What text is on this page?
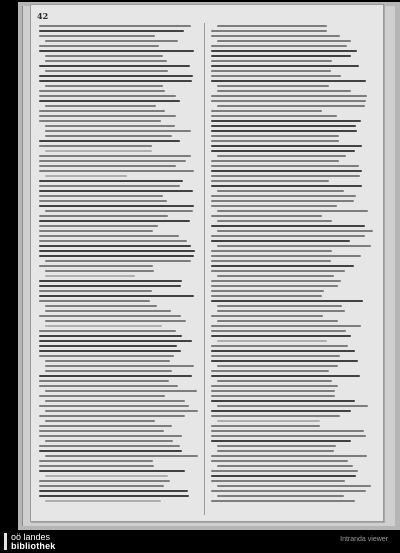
42
oö landes
bibliothek
Intranda viewer
